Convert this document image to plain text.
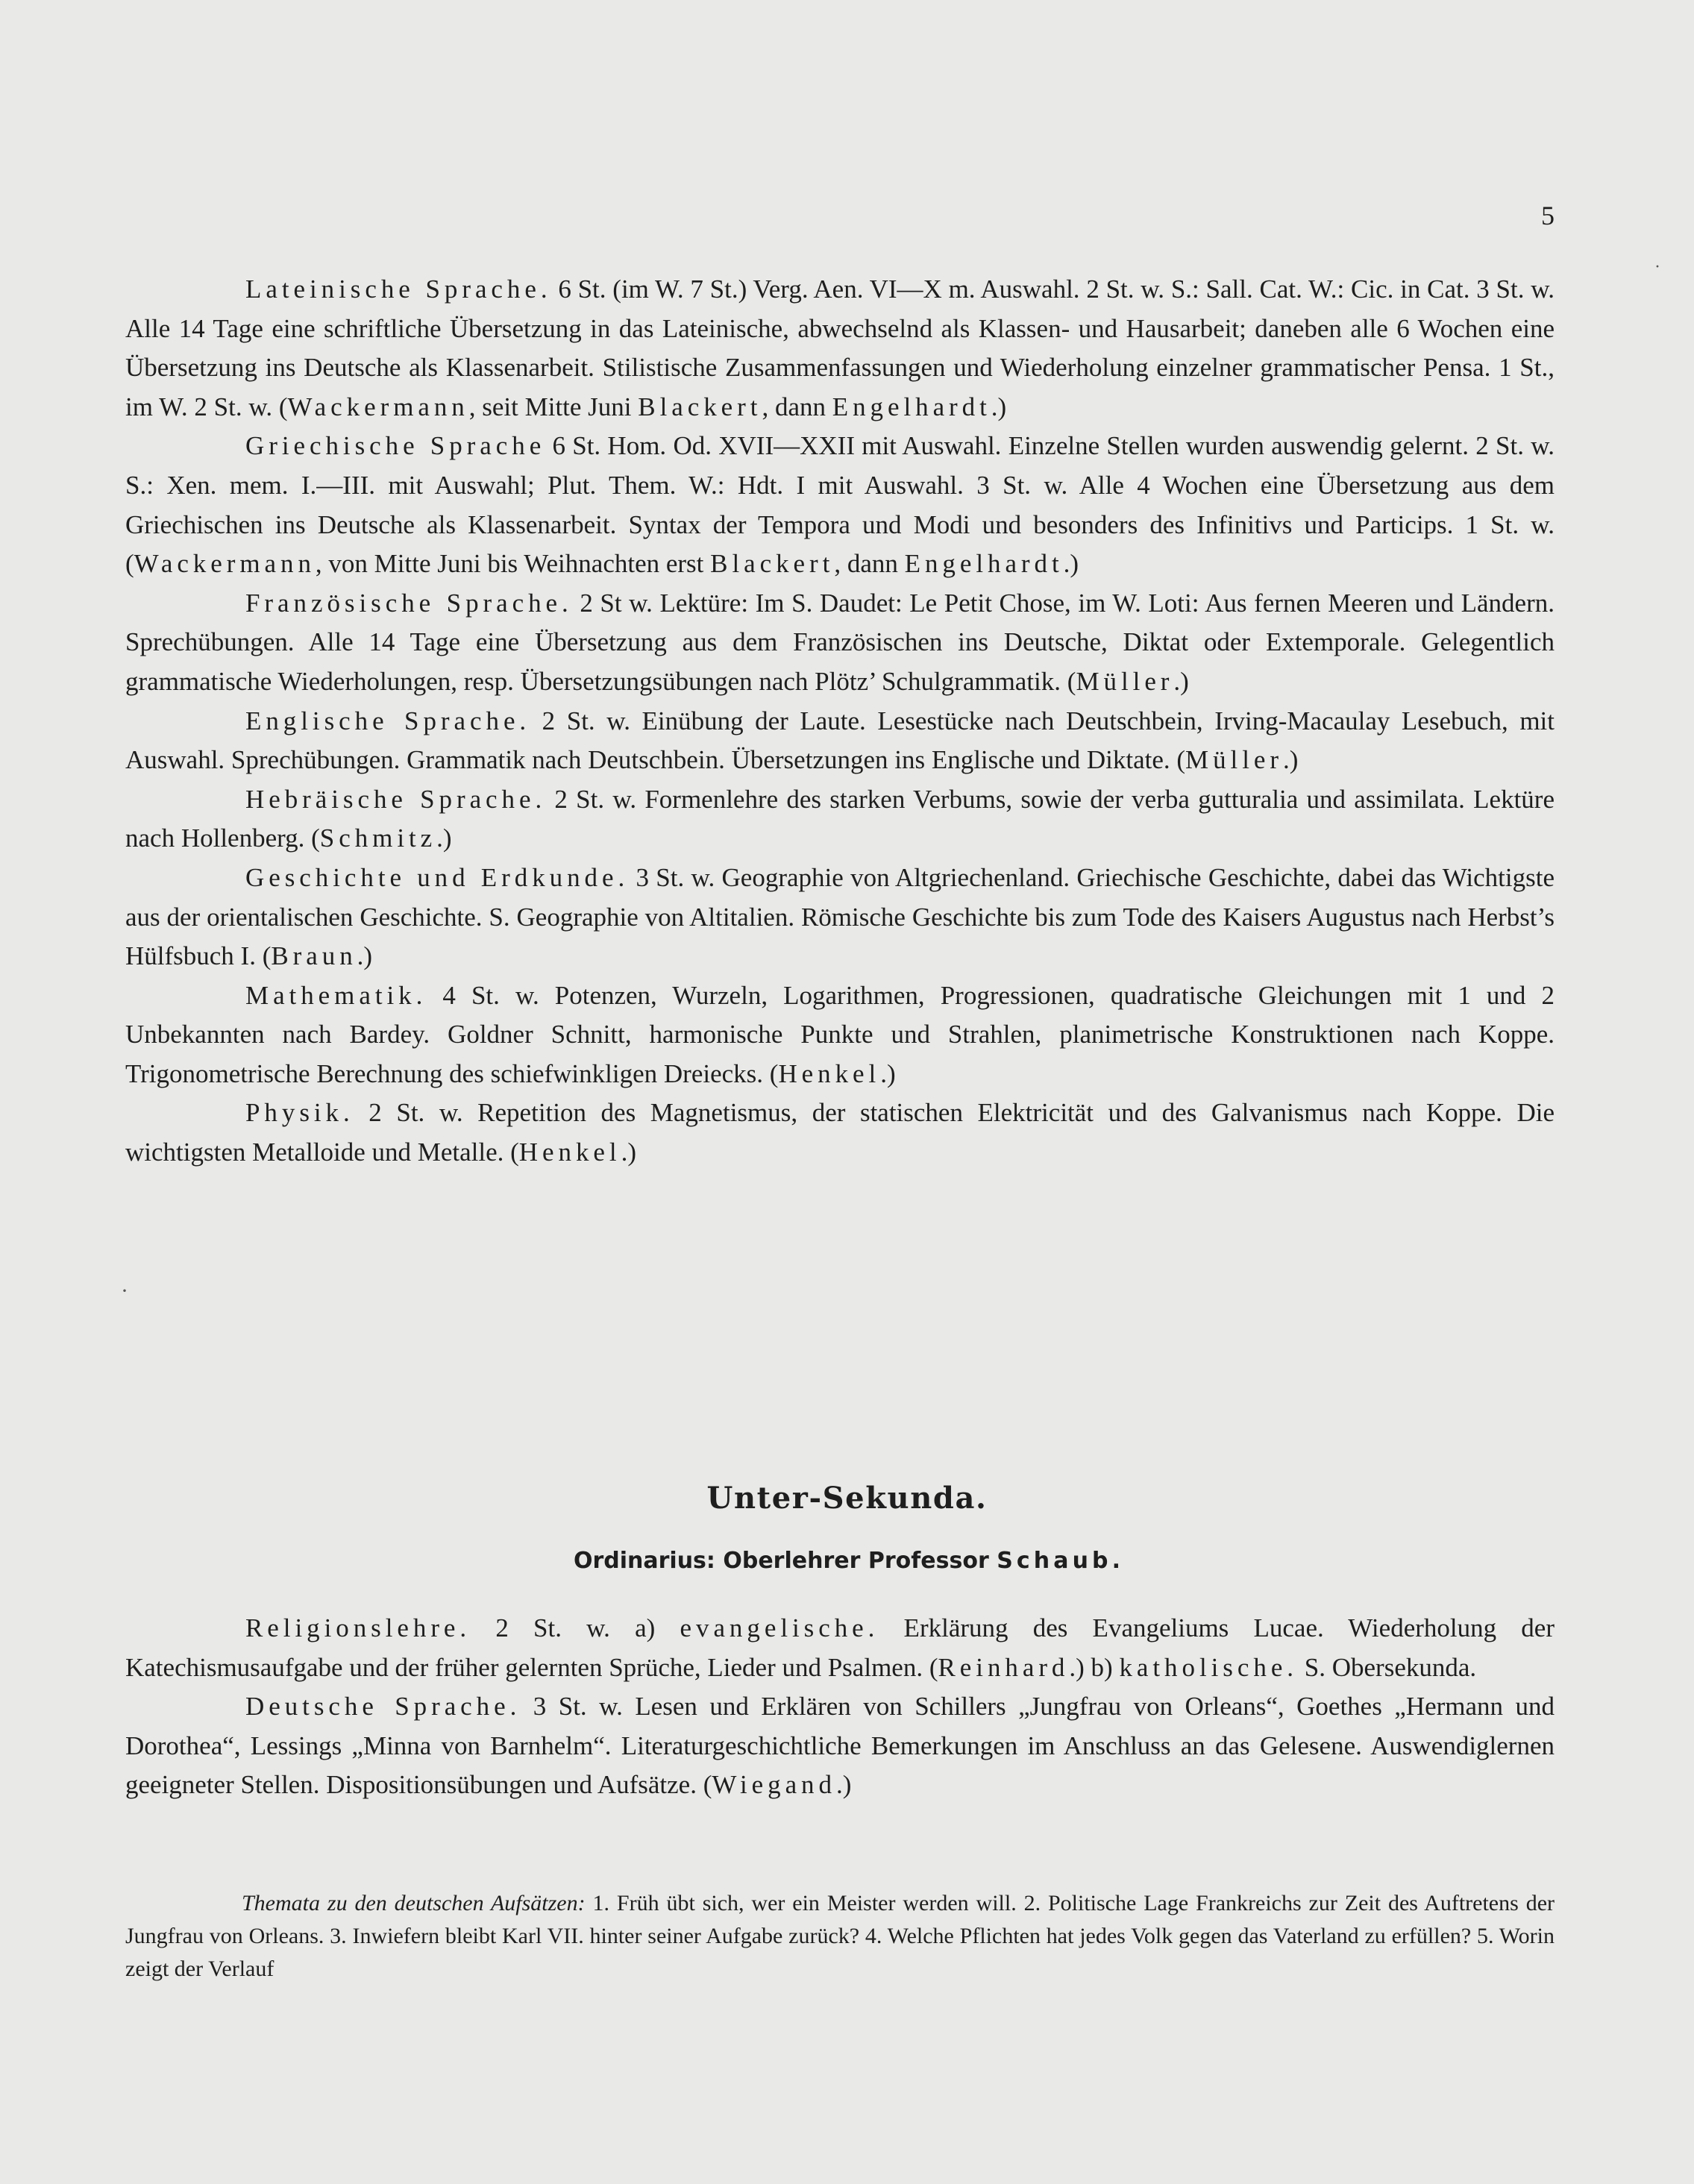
5

Lateinische Sprache. 6 St. (im W. 7 St.) Verg. Aen. VI—X m. Auswahl. 2 St. w. S.: Sall. Cat. W.: Cic. in Cat. 3 St. w. Alle 14 Tage eine schriftliche Übersetzung in das Lateinische, abwechselnd als Klassen- und Hausarbeit; daneben alle 6 Wochen eine Übersetzung ins Deutsche als Klassenarbeit. Stilistische Zusammenfassungen und Wiederholung einzelner grammatischer Pensa. 1 St., im W. 2 St. w. (Wackermann, seit Mitte Juni Blackert, dann Engelhardt.)

Griechische Sprache 6 St. Hom. Od. XVII—XXII mit Auswahl. Einzelne Stellen wurden auswendig gelernt. 2 St. w. S.: Xen. mem. I.—III. mit Auswahl; Plut. Them. W.: Hdt. I mit Auswahl. 3 St. w. Alle 4 Wochen eine Übersetzung aus dem Griechischen ins Deutsche als Klassenarbeit. Syntax der Tempora und Modi und besonders des Infinitivs und Particips. 1 St. w. (Wackermann, von Mitte Juni bis Weihnachten erst Blackert, dann Engelhardt.)

Französische Sprache. 2 St w. Lektüre: Im S. Daudet: Le Petit Chose, im W. Loti: Aus fernen Meeren und Ländern. Sprechübungen. Alle 14 Tage eine Übersetzung aus dem Französischen ins Deutsche, Diktat oder Extemporale. Gelegentlich grammatische Wiederholungen, resp. Übersetzungsübungen nach Plötz’ Schulgrammatik. (Müller.)

Englische Sprache. 2 St. w. Einübung der Laute. Lesestücke nach Deutschbein, Irving-Macaulay Lesebuch, mit Auswahl. Sprechübungen. Grammatik nach Deutschbein. Übersetzungen ins Englische und Diktate. (Müller.)

Hebräische Sprache. 2 St. w. Formenlehre des starken Verbums, sowie der verba gutturalia und assimilata. Lektüre nach Hollenberg. (Schmitz.)

Geschichte und Erdkunde. 3 St. w. Geographie von Altgriechenland. Griechische Geschichte, dabei das Wichtigste aus der orientalischen Geschichte. S. Geographie von Altitalien. Römische Geschichte bis zum Tode des Kaisers Augustus nach Herbst’s Hülfsbuch I. (Braun.)

Mathematik. 4 St. w. Potenzen, Wurzeln, Logarithmen, Progressionen, quadratische Gleichungen mit 1 und 2 Unbekannten nach Bardey. Goldner Schnitt, harmonische Punkte und Strahlen, planimetrische Konstruktionen nach Koppe. Trigonometrische Berechnung des schiefwinkligen Dreiecks. (Henkel.)

Physik. 2 St. w. Repetition des Magnetismus, der statischen Elektricität und des Galvanismus nach Koppe. Die wichtigsten Metalloide und Metalle. (Henkel.)

Unter-Sekunda.
Ordinarius: Oberlehrer Professor Schaub.

Religionslehre. 2 St. w. a) evangelische. Erklärung des Evangeliums Lucae. Wiederholung der Katechismusaufgabe und der früher gelernten Sprüche, Lieder und Psalmen. (Reinhard.) b) katholische. S. Obersekunda.

Deutsche Sprache. 3 St. w. Lesen und Erklären von Schillers „Jungfrau von Orleans“, Goethes „Hermann und Dorothea“, Lessings „Minna von Barnhelm“. Literaturgeschichtliche Bemerkungen im Anschluss an das Gelesene. Auswendiglernen geeigneter Stellen. Dispositionsübungen und Aufsätze. (Wiegand.)

Themata zu den deutschen Aufsätzen: 1. Früh übt sich, wer ein Meister werden will. 2. Politische Lage Frankreichs zur Zeit des Auftretens der Jungfrau von Orleans. 3. Inwiefern bleibt Karl VII. hinter seiner Aufgabe zurück? 4. Welche Pflichten hat jedes Volk gegen das Vaterland zu erfüllen? 5. Worin zeigt der Verlauf

·
·
